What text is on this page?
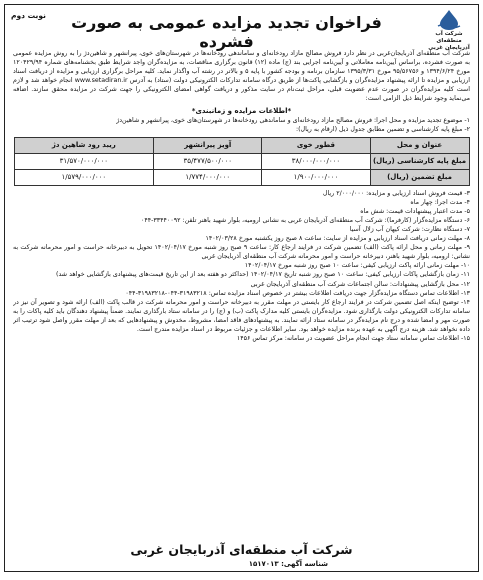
شرکت آب منطقه‌ای
آذربایجان غربی
فراخوان تجدید مزایده عمومی به صورت فشرده
نوبت دوم
شرکت آب منطقه‌ای آذربایجان‌غربی در نظر دارد فروش مصالح مازاد رودخانه‌ای و ساماندهی رودخانه‌ها در شهرستان‌های خوی، پیرانشهر و شاهین‌دژ را به روش مزایده عمومی به صورت فشرده، براساس آیین‌نامه معاملاتی و آیین‌نامه اجرایی بند (ج) ماده (۱۲) قانون برگزاری مناقصات، به مزایده‌گران واجد شرایط طبق بخشنامه‌های شماره ۱۲۰۴۲۹/۹۴ مورخ ۱۳۹۴/۶/۲۴ و ۹۵/۵۶۷۵۶ مورخ ۱۳۹۵/۳/۳۱ سازمان برنامه و بودجه کشور با پایه ۵ و بالاتر در رشته آب واگذار نماید. کلیه مراحل برگزاری ارزیابی و مزایده از دریافت اسناد ارزیابی و مزایده تا ارائه پیشنهاد مزایده‌گران و بازگشایی پاکت‌ها از طریق درگاه سامانه تدارکات الکترونیکی دولت (ستاد) به آدرس www.setadiran.ir انجام خواهد شد و لازم است کلیه مزایده‌گران در صورت عدم عضویت قبلی، مراحل ثبت‌نام در سایت مذکور و دریافت گواهی امضای الکترونیکی را جهت شرکت در مزایده محقق سازند. اضافه می‌نماید وجود شرایط ذیل الزامی است:
*اطلاعات مزایده و زمانبندی*
۱- موضوع تجدید مزایده و محل اجرا: فروش مصالح مازاد رودخانه‌ای و ساماندهی رودخانه‌ها در شهرستان‌های خوی، پیرانشهر و شاهین‌دژ
۲- مبلغ پایه کارشناسی و تضمین مطابق جدول ذیل (ارقام به ریال):
عنوان و محل	قطور خوی	آویز پیرانشهر	ریبد رود شاهین دژ
مبلغ پایه کارشناسی (ریال)	۳۸/۰۰۰/۰۰۰/۰۰۰	۳۵/۴۷۷/۵۰۰/۰۰۰	۳۱/۵۷۰/۰۰۰/۰۰۰
مبلغ تضمین (ریال)	۱/۹۰۰/۰۰۰/۰۰۰	۱/۷۷۴/۰۰۰/۰۰۰	۱/۵۷۹/۰۰۰/۰۰۰
۳- قیمت فروش اسناد ارزیابی و مزایده: ۲/۰۰۰/۰۰۰ ریال
۴- مدت اجرا: چهار ماه
۵- مدت اعتبار پیشنهادات قیمت: شش ماه
۶- دستگاه مزایده‌گزار (کارفرما): شرکت آب منطقه‌ای آذربایجان غربی به نشانی ارومیه، بلوار شهید باهنر تلفن: ۳۳۴۴۰۰۹۲-۰۴۴
۷- دستگاه نظارت: شرکت کیهان آب زلال آسیا
۸- مهلت زمانی دریافت اسناد ارزیابی و مزایده از سایت: ساعت ۸ صبح روز یکشنبه مورخ ۱۴۰۲/۰۳/۲۸
۹- مهلت زمانی و محل ارائه پاکت (الف) تضمین شرکت در فرایند ارجاع کار: ساعت ۹ صبح روز شنبه مورخ ۱۴۰۲/۰۴/۱۷ تحویل به دبیرخانه حراست و امور محرمانه شرکت به نشانی: ارومیه، بلوار شهید باهنر، دبیرخانه حراست و امور محرمانه شرکت آب منطقه‌ای آذربایجان غربی
۱۰- مهلت زمانی ارائه پاکت ارزیابی کیفی: ساعت ۱۰ صبح روز شنبه مورخ ۱۴۰۲/۰۴/۱۷
۱۱- زمان بازگشایی پاکات ارزیابی کیفی: ساعت ۱۰ صبح روز شنبه تاریخ ۱۴۰۲/۰۴/۱۷ (حداکثر دو هفته بعد از این تاریخ قیمت‌های پیشنهادی بازگشایی خواهد شد)
۱۲- محل بازگشایی پیشنهادات: سالن اجتماعات شرکت آب منطقه‌ای آذربایجان غربی
۱۳- اطلاعات تماس دستگاه مزایده‌گزار جهت دریافت اطلاعات بیشتر در خصوص اسناد مزایده تماس: ۳۱۹۸۳۲۱۸-۰۴۴-۳۱۹۸۳۲۱۸-۰۴۴
۱۴- توضیح اینکه اصل تضمین شرکت در فرایند ارجاع کار بایستی در مهلت مقرر به دبیرخانه حراست و امور محرمانه شرکت در قالب پاکت (الف) ارائه شود و تصویر آن نیز در سامانه تدارکات الکترونیکی دولت بارگذاری شود. مزایده‌گران بایستی کلیه مدارک پاکت (ب) و (ج) را در سامانه ستاد بارگذاری نمایند. ضمناً پیشنهاد دهندگان باید کلیه پاکات را به صورت مهر و امضا شده و درج نام مزایده‌گر در سامانه ستاد ارائه نمایند. به پیشنهادهای فاقد امضا، مشروط، مخدوش و پیشنهادهایی که بعد از مهلت مقرر واصل شود ترتیب اثر داده نخواهد شد. هزینه درج آگهی به عهده برنده مزایده خواهد بود. سایر اطلاعات و جزئیات مربوط در اسناد مزایده مندرج است.
۱۵- اطلاعات تماس سامانه ستاد جهت انجام مراحل عضویت در سامانه: مرکز تماس ۱۴۵۶
شرکت آب منطقه‌ای آذربایجان غربی
شناسه آگهی: ۱۵۱۷۰۱۳
